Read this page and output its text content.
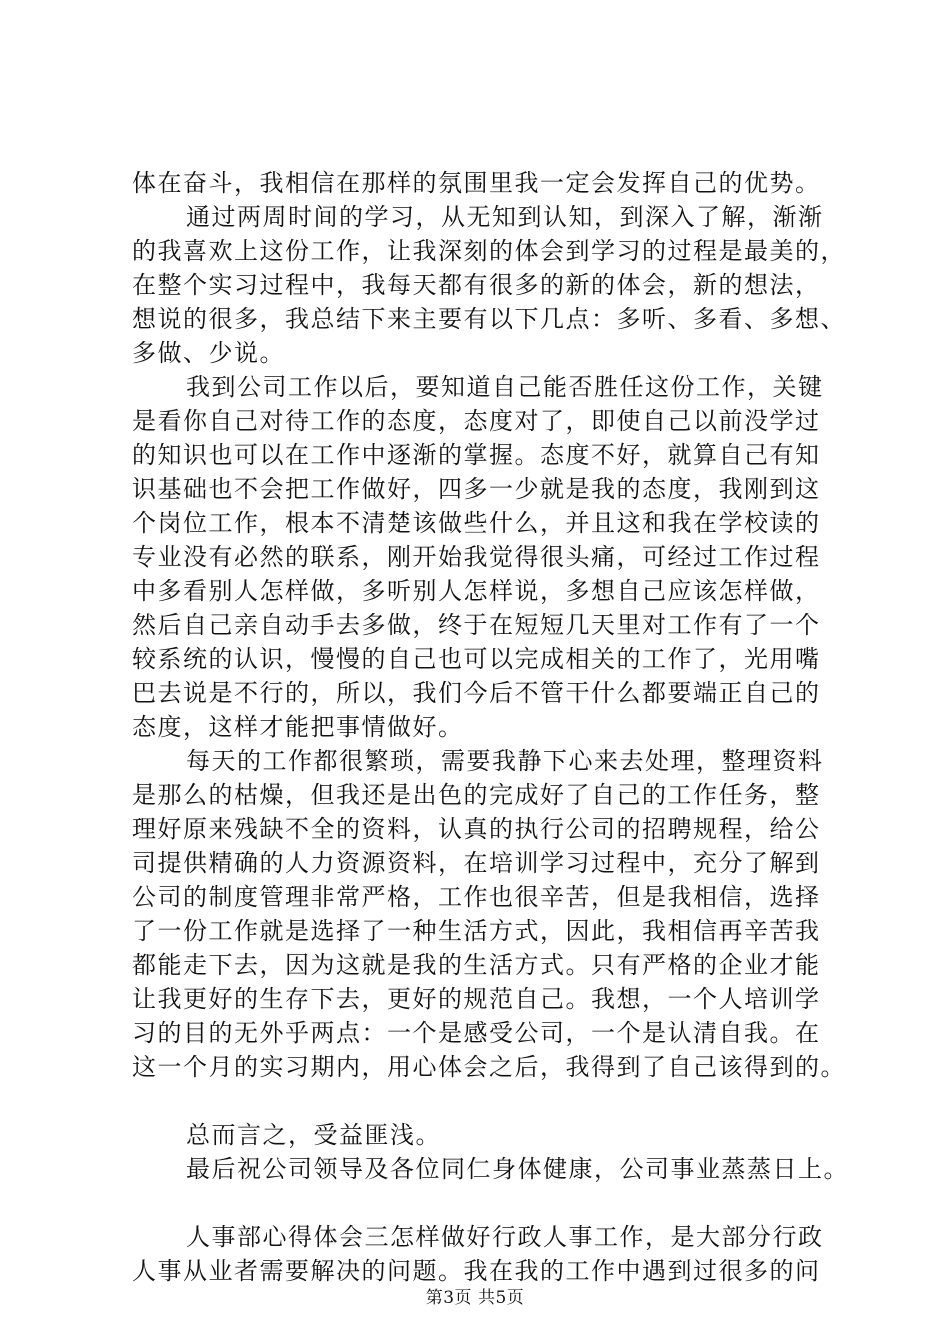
体在奋斗，我相信在那样的氛围里我一定会发挥自己的优势。
通过两周时间的学习，从无知到认知，到深入了解，渐渐
的我喜欢上这份工作，让我深刻的体会到学习的过程是最美的，
在整个实习过程中，我每天都有很多的新的体会，新的想法，
想说的很多，我总结下来主要有以下几点：多听、多看、多想、
多做、少说。
我到公司工作以后，要知道自己能否胜任这份工作，关键
是看你自己对待工作的态度，态度对了，即使自己以前没学过
的知识也可以在工作中逐渐的掌握。态度不好，就算自己有知
识基础也不会把工作做好，四多一少就是我的态度，我刚到这
个岗位工作，根本不清楚该做些什么，并且这和我在学校读的
专业没有必然的联系，刚开始我觉得很头痛，可经过工作过程
中多看别人怎样做，多听别人怎样说，多想自己应该怎样做，
然后自己亲自动手去多做，终于在短短几天里对工作有了一个
较系统的认识，慢慢的自己也可以完成相关的工作了，光用嘴
巴去说是不行的，所以，我们今后不管干什么都要端正自己的
态度，这样才能把事情做好。
每天的工作都很繁琐，需要我静下心来去处理，整理资料
是那么的枯燥，但我还是出色的完成好了自己的工作任务，整
理好原来残缺不全的资料，认真的执行公司的招聘规程，给公
司提供精确的人力资源资料，在培训学习过程中，充分了解到
公司的制度管理非常严格，工作也很辛苦，但是我相信，选择
了一份工作就是选择了一种生活方式，因此，我相信再辛苦我
都能走下去，因为这就是我的生活方式。只有严格的企业才能
让我更好的生存下去，更好的规范自己。我想，一个人培训学
习的目的无外乎两点：一个是感受公司，一个是认清自我。在
这一个月的实习期内，用心体会之后，我得到了自己该得到的。
总而言之，受益匪浅。
最后祝公司领导及各位同仁身体健康，公司事业蒸蒸日上。
人事部心得体会三怎样做好行政人事工作，是大部分行政
人事从业者需要解决的问题。我在我的工作中遇到过很多的问
第3页 共5页
